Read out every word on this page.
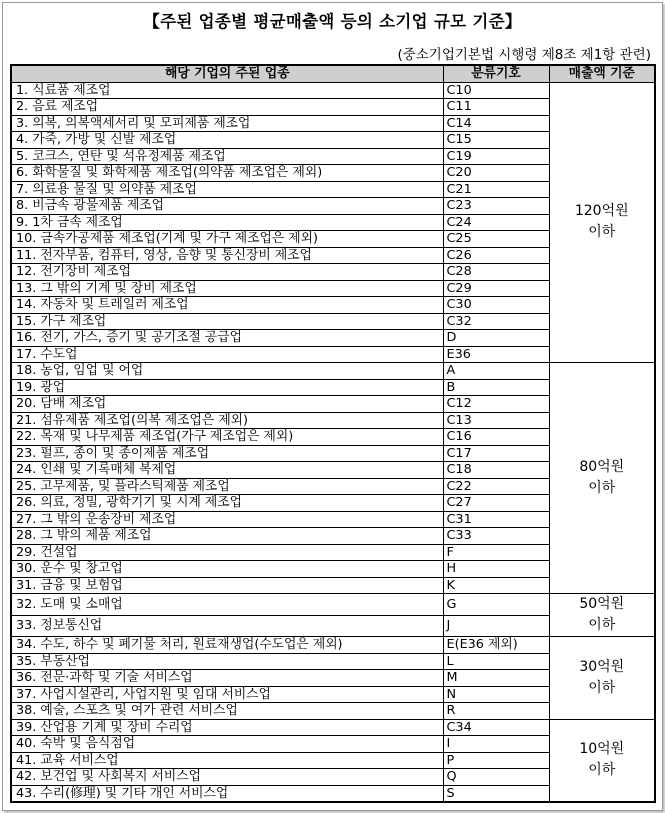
【주된 업종별 평균매출액 등의 소기업 규모 기준】
(중소기업기본법 시행령 제8조 제1항 관련)
해당 기업의 주된 업종	분류기호	매출액 기준
1. 식료품 제조업	C10	120억원
이하

2. 음료 제조업	C11	
3. 의복, 의복액세서리 및 모피제품 제조업	C14	
4. 가죽, 가방 및 신발 제조업	C15	
5. 코크스, 연탄 및 석유정제품 제조업	C19	
6. 화학물질 및 화학제품 제조업(의약품 제조업은 제외)	C20	
7. 의료용 물질 및 의약품 제조업	C21	
8. 비금속 광물제품 제조업	C23	
9. 1차 금속 제조업	C24	
10. 금속가공제품 제조업(기계 및 가구 제조업은 제외)	C25	
11. 전자부품, 컴퓨터, 영상, 음향 및 통신장비 제조업	C26	
12. 전기장비 제조업	C28	
13. 그 밖의 기계 및 장비 제조업	C29	
14. 자동차 및 트레일러 제조업	C30	
15. 가구 제조업	C32	
16. 전기, 가스, 증기 및 공기조절 공급업	D	
17. 수도업	E36	
18. 농업, 임업 및 어업	A	80억원
이하

19. 광업	B	
20. 담배 제조업	C12	
21. 섬유제품 제조업(의복 제조업은 제외)	C13	
22. 목재 및 나무제품 제조업(가구 제조업은 제외)	C16	
23. 펄프, 종이 및 종이제품 제조업	C17	
24. 인쇄 및 기록매체 복제업	C18	
25. 고무제품, 및 플라스틱제품 제조업	C22	
26. 의료, 정밀, 광학기기 및 시계 제조업	C27	
27. 그 밖의 운송장비 제조업	C31	
28. 그 밖의 제품 제조업	C33	
29. 건설업	F	
30. 운수 및 창고업	H	
31. 금융 및 보험업	K	
32. 도매 및 소매업	G	50억원
이하

33. 정보통신업	J	
34. 수도, 하수 및 폐기물 처리, 원료재생업(수도업은 제외)	E(E36 제외)	30억원
이하

35. 부동산업	L	
36. 전문·과학 및 기술 서비스업	M	
37. 사업시설관리, 사업지원 및 임대 서비스업	N	
38. 예술, 스포츠 및 여가 관련 서비스업	R	
39. 산업용 기계 및 장비 수리업	C34	10억원
이하

40. 숙박 및 음식점업	I	
41. 교육 서비스업	P	
42. 보건업 및 사회복지 서비스업	Q	
43. 수리(修理) 및 기타 개인 서비스업	S	
